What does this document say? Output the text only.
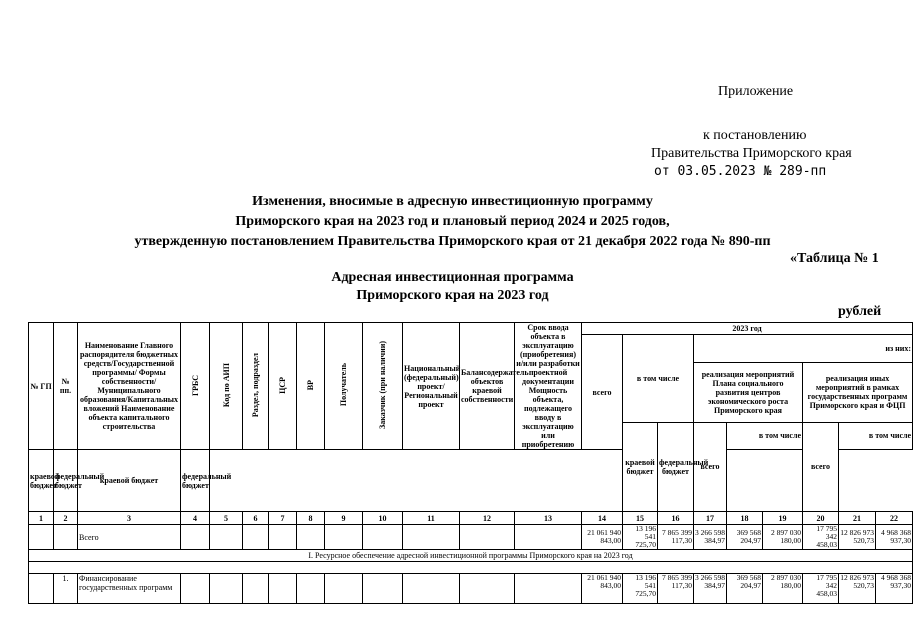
Приложение
к постановлению
Правительства Приморского края
от 03.05.2023 № 289-пп
Изменения, вносимые в адресную инвестиционную программу
Приморского края на 2023 год и плановый период 2024 и 2025 годов,
утвержденную постановлением Правительства Приморского края от 21 декабря 2022 года № 890-пп
«Таблица № 1
Адресная инвестиционная программа
Приморского края на 2023 год
рублей
№ ГП	№ пп.	Наименование Главного распорядителя бюджетных средств/Государственной программы/ Формы собственности/Муниципального образования/Капитальных вложений Наименование объекта капитального строительства	ГРБС	Код по АИП	Раздел, подраздел	ЦСР	ВР	Получатель	Заказчик (при наличии)	Национальный (федеральный) проект/ Региональный проект	Балансодержатель объектов краевой собственности	Срок ввода объекта в эксплуатацию (приобретения) и/или разработки проектной документации Мощность объекта, подлежащего вводу в эксплуатацию или приобретению	2023 год								
													всего	в том числе		из них:					
																реализация мероприятий Плана социального развития центров экономического роста Приморского края			реализация иных мероприятий в рамках государственных программ Приморского края и ФЦП		
														краевой бюджет	федеральный бюджет	всего	в том числе		всего	в том числе	
краевой бюджет	федеральный бюджет	краевой бюджет	федеральный бюджет																		
1	2	3	4	5	6	7	8	9	10	11	12	13	14	15	16	17	18	19	20	21	22
		Всего											21 061 940 843,00	13 196 541 725,70	7 865 399 117,30	3 266 598 384,97	369 568 204,97	2 897 030 180,00	17 795 342 458,03	12 826 973 520,73	4 968 368 937,30
I. Ресурсное обеспечение адресной инвестиционной программы Приморского края на 2023 год																					

	1.	Финансирование государственных программ											21 061 940 843,00	13 196 541 725,70	7 865 399 117,30	3 266 598 384,97	369 568 204,97	2 897 030 180,00	17 795 342 458,03	12 826 973 520,73	4 968 368 937,30
